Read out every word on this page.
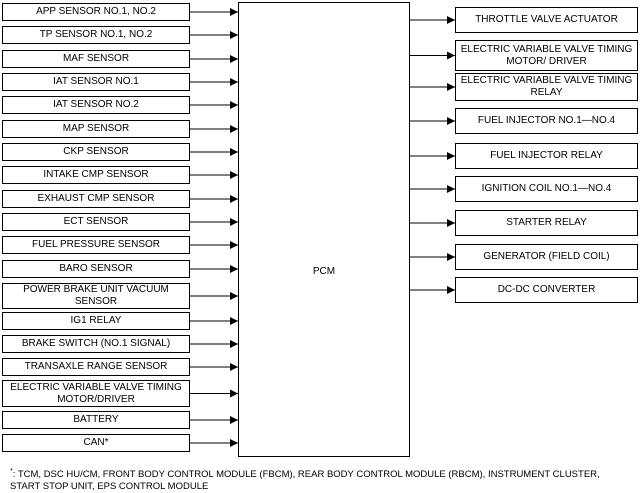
PCM
APP SENSOR NO.1, NO.2
TP SENSOR NO.1, NO.2
MAF SENSOR
IAT SENSOR NO.1
IAT SENSOR NO.2
MAP SENSOR
CKP SENSOR
INTAKE CMP SENSOR
EXHAUST CMP SENSOR
ECT SENSOR
FUEL PRESSURE SENSOR
BARO SENSOR
POWER BRAKE UNIT VACUUM SENSOR
IG1 RELAY
BRAKE SWITCH (NO.1 SIGNAL)
TRANSAXLE RANGE SENSOR
ELECTRIC VARIABLE VALVE TIMING MOTOR/DRIVER
BATTERY
CAN*
THROTTLE VALVE ACTUATOR
ELECTRIC VARIABLE VALVE TIMING MOTOR/ DRIVER
ELECTRIC VARIABLE VALVE TIMING RELAY
FUEL INJECTOR NO.1—NO.4
FUEL INJECTOR RELAY
IGNITION COIL NO.1—NO.4
STARTER RELAY
GENERATOR (FIELD COIL)
DC-DC CONVERTER
*: TCM, DSC HU/CM, FRONT BODY CONTROL MODULE (FBCM), REAR BODY CONTROL MODULE (RBCM), INSTRUMENT CLUSTER, START STOP UNIT, EPS CONTROL MODULE
